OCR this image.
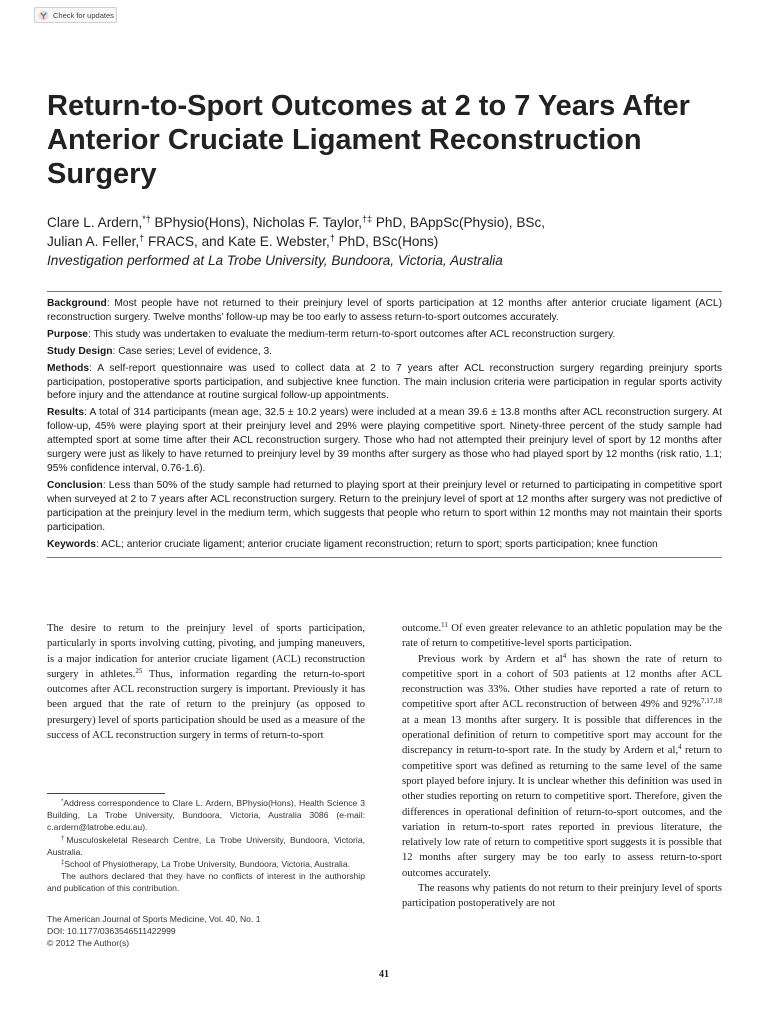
Check for updates
Return-to-Sport Outcomes at 2 to 7 Years After Anterior Cruciate Ligament Reconstruction Surgery
Clare L. Ardern,*† BPhysio(Hons), Nicholas F. Taylor,†‡ PhD, BAppSc(Physio), BSc,
Julian A. Feller,† FRACS, and Kate E. Webster,† PhD, BSc(Hons)
Investigation performed at La Trobe University, Bundoora, Victoria, Australia

Background: Most people have not returned to their preinjury level of sports participation at 12 months after anterior cruciate ligament (ACL) reconstruction surgery. Twelve months’ follow-up may be too early to assess return-to-sport outcomes accurately.

Purpose: This study was undertaken to evaluate the medium-term return-to-sport outcomes after ACL reconstruction surgery.

Study Design: Case series; Level of evidence, 3.

Methods: A self-report questionnaire was used to collect data at 2 to 7 years after ACL reconstruction surgery regarding preinjury sports participation, postoperative sports participation, and subjective knee function. The main inclusion criteria were participation in regular sports activity before injury and the attendance at routine surgical follow-up appointments.

Results: A total of 314 participants (mean age, 32.5 ± 10.2 years) were included at a mean 39.6 ± 13.8 months after ACL reconstruction surgery. At follow-up, 45% were playing sport at their preinjury level and 29% were playing competitive sport. Ninety-three percent of the study sample had attempted sport at some time after their ACL reconstruction surgery. Those who had not attempted their preinjury level of sport by 12 months after surgery were just as likely to have returned to preinjury level by 39 months after surgery as those who had played sport by 12 months (risk ratio, 1.1; 95% confidence interval, 0.76-1.6).

Conclusion: Less than 50% of the study sample had returned to playing sport at their preinjury level or returned to participating in competitive sport when surveyed at 2 to 7 years after ACL reconstruction surgery. Return to the preinjury level of sport at 12 months after surgery was not predictive of participation at the preinjury level in the medium term, which suggests that people who return to sport within 12 months may not maintain their sports participation.

Keywords: ACL; anterior cruciate ligament; anterior cruciate ligament reconstruction; return to sport; sports participation; knee function

The desire to return to the preinjury level of sports participation, particularly in sports involving cutting, pivoting, and jumping maneuvers, is a major indication for anterior cruciate ligament (ACL) reconstruction surgery in athletes.$^{25}$ Thus, information regarding the return-to-sport outcomes after ACL reconstruction surgery is important. Previously it has been argued that the rate of return to the preinjury (as opposed to presurgery) level of sports participation should be used as a measure of the success of ACL reconstruction surgery in terms of return-to-sport

*Address correspondence to Clare L. Ardern, BPhysio(Hons), Health Science 3 Building, La Trobe University, Bundoora, Victoria, Australia 3086 (e-mail: c.ardern@latrobe.edu.au).

†Musculoskeletal Research Centre, La Trobe University, Bundoora, Victoria, Australia.

‡School of Physiotherapy, La Trobe University, Bundoora, Victoria, Australia.

The authors declared that they have no conflicts of interest in the authorship and publication of this contribution.

The American Journal of Sports Medicine, Vol. 40, No. 1
DOI: 10.1177/0363546511422999
© 2012 The Author(s)

outcome.$^{11}$ Of even greater relevance to an athletic population may be the rate of return to competitive-level sports participation.

Previous work by Ardern et $al^4$ has shown the rate of return to competitive sport in a cohort of 503 patients at 12 months after ACL reconstruction was 33%. Other studies have reported a rate of return to competitive sport after ACL reconstruction of between 49% and 92%$^{7,17,18}$ at a mean 13 months after surgery. It is possible that differences in the operational definition of return to competitive sport may account for the discrepancy in return-to-sport rate. In the study by Ardern et al,$^4$ return to competitive sport was defined as returning to the same level of the same sport played before injury. It is unclear whether this definition was used in other studies reporting on return to competitive sport. Therefore, given the differences in operational definition of return-to-sport outcomes, and the variation in return-to-sport rates reported in previous literature, the relatively low rate of return to competitive sport suggests it is possible that 12 months after surgery may be too early to assess return-to-sport outcomes accurately.

The reasons why patients do not return to their preinjury level of sports participation postoperatively are not

41
